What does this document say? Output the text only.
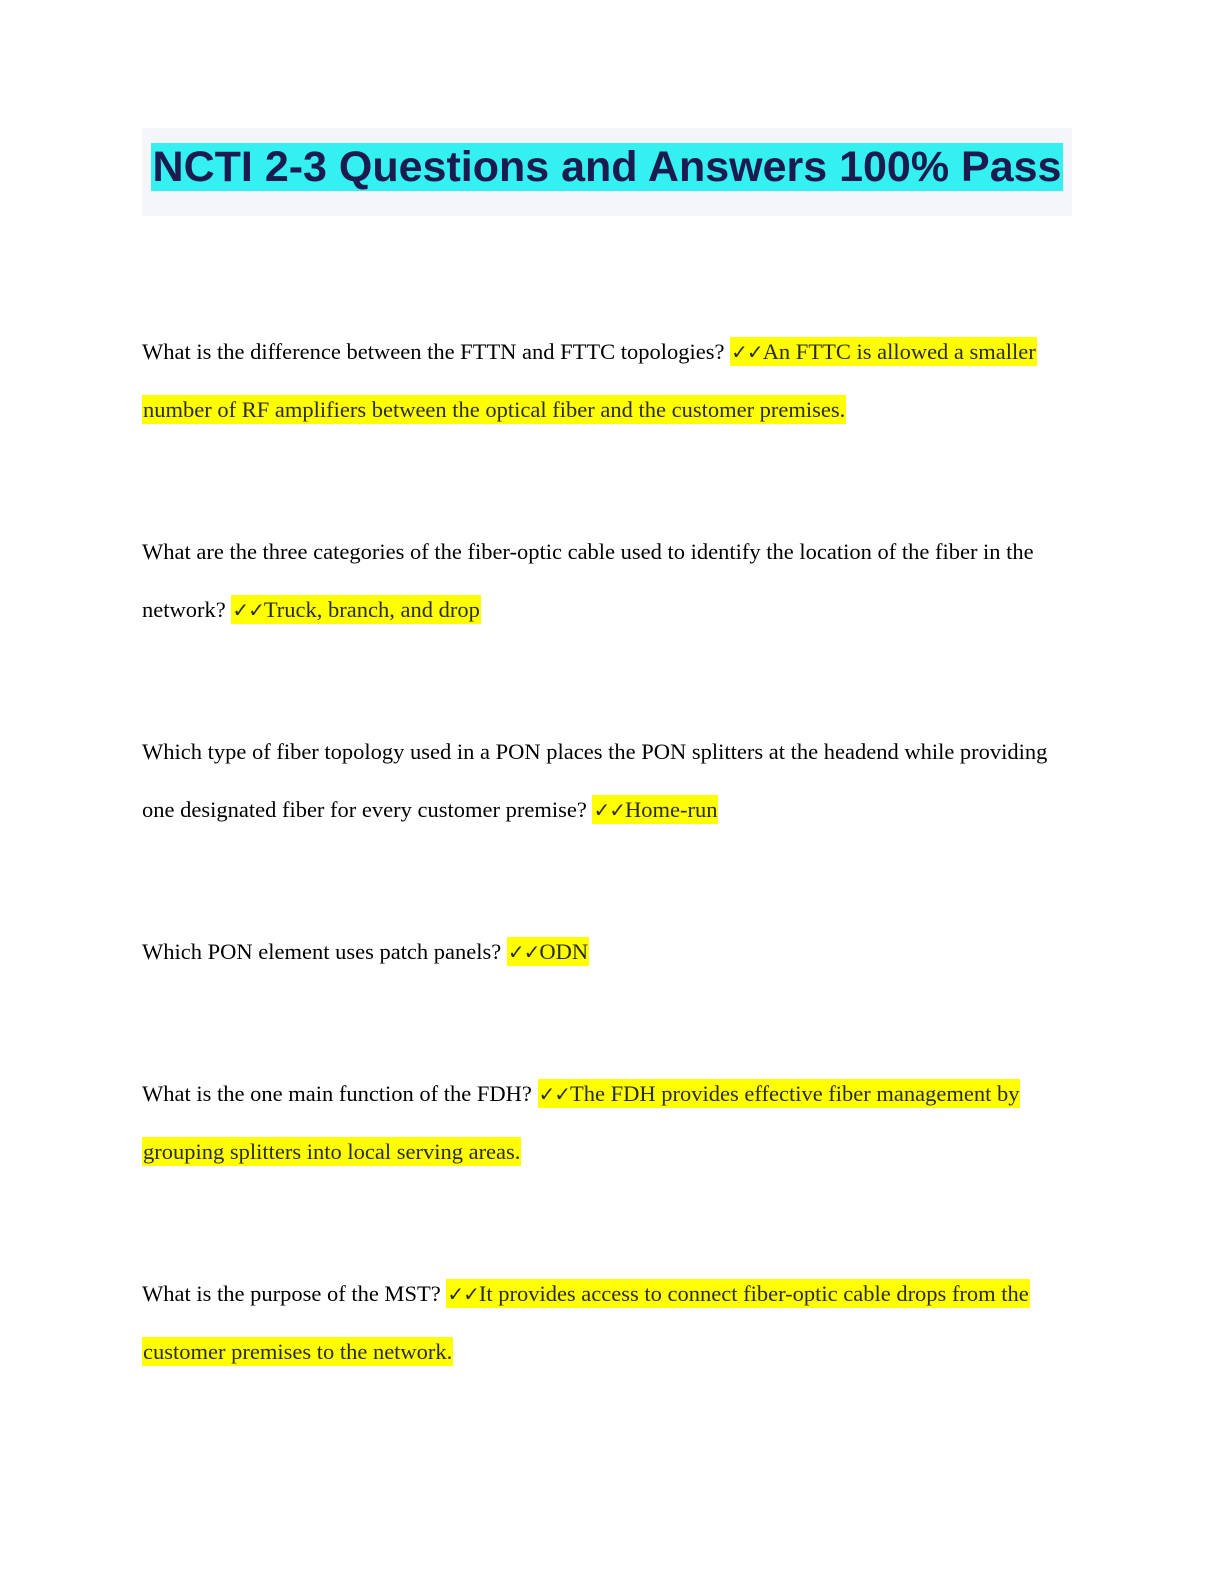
NCTI 2-3 Questions and Answers 100% Pass

What is the difference between the FTTN and FTTC topologies? ✓✓An FTTC is allowed a smaller number of RF amplifiers between the optical fiber and the customer premises.

What are the three categories of the fiber-optic cable used to identify the location of the fiber in the network? ✓✓Truck, branch, and drop

Which type of fiber topology used in a PON places the PON splitters at the headend while providing one designated fiber for every customer premise? ✓✓Home-run

Which PON element uses patch panels? ✓✓ODN

What is the one main function of the FDH? ✓✓The FDH provides effective fiber management by grouping splitters into local serving areas.

What is the purpose of the MST? ✓✓It provides access to connect fiber-optic cable drops from the customer premises to the network.
